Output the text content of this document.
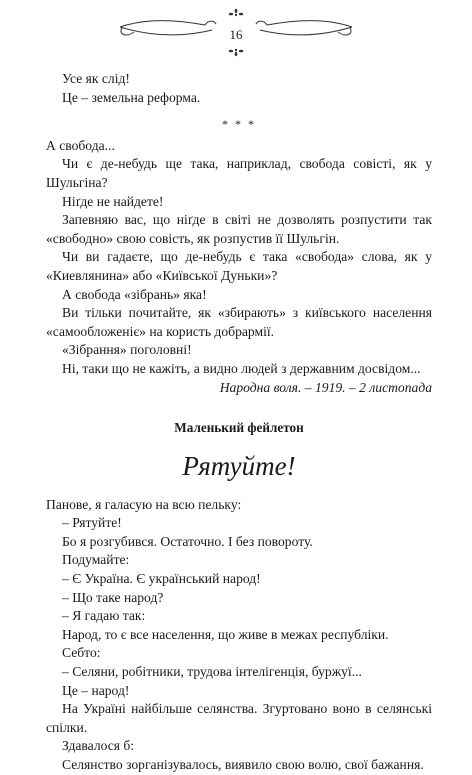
16

Усе як слід!

Це – земельна реформа.

* * *

А свобода...

Чи є де-небудь ще така, наприклад, свобода совісті, як у Шульгіна?

Ніґде не найдете!

Запевняю вас, що ніґде в світі не дозволять розпустити так «свободно» свою совість, як розпустив її Шульгін.

Чи ви гадаєте, що де-небудь є така «свобода» слова, як у «Киевлянина» або «Київської Дуньки»?

А свобода «зібрань» яка!

Ви тільки почитайте, як «збирають» з київського населення «самообложеніє» на користь добрармії.

«Зібрання» поголовні!

Ні, таки що не кажіть, а видно людей з державним досвідом...

Народна воля. – 1919. – 2 листопада

Маленький фейлетон

Рятуйте!

Панове, я галасую на всю пельку:

– Рятуйте!

Бо я розгубився. Остаточно. І без повороту.

Подумайте:

– Є Україна. Є український народ!

– Що таке народ?

– Я гадаю так:

Народ, то є все населення, що живе в межах республіки.

Себто:

– Селяни, робітники, трудова інтелігенція, буржуї...

Це – народ!

На Україні найбільше селянства. Згуртовано воно в селянські спілки.

Здавалося б:

Селянство зорганізувалось, виявило свою волю, свої бажання.
